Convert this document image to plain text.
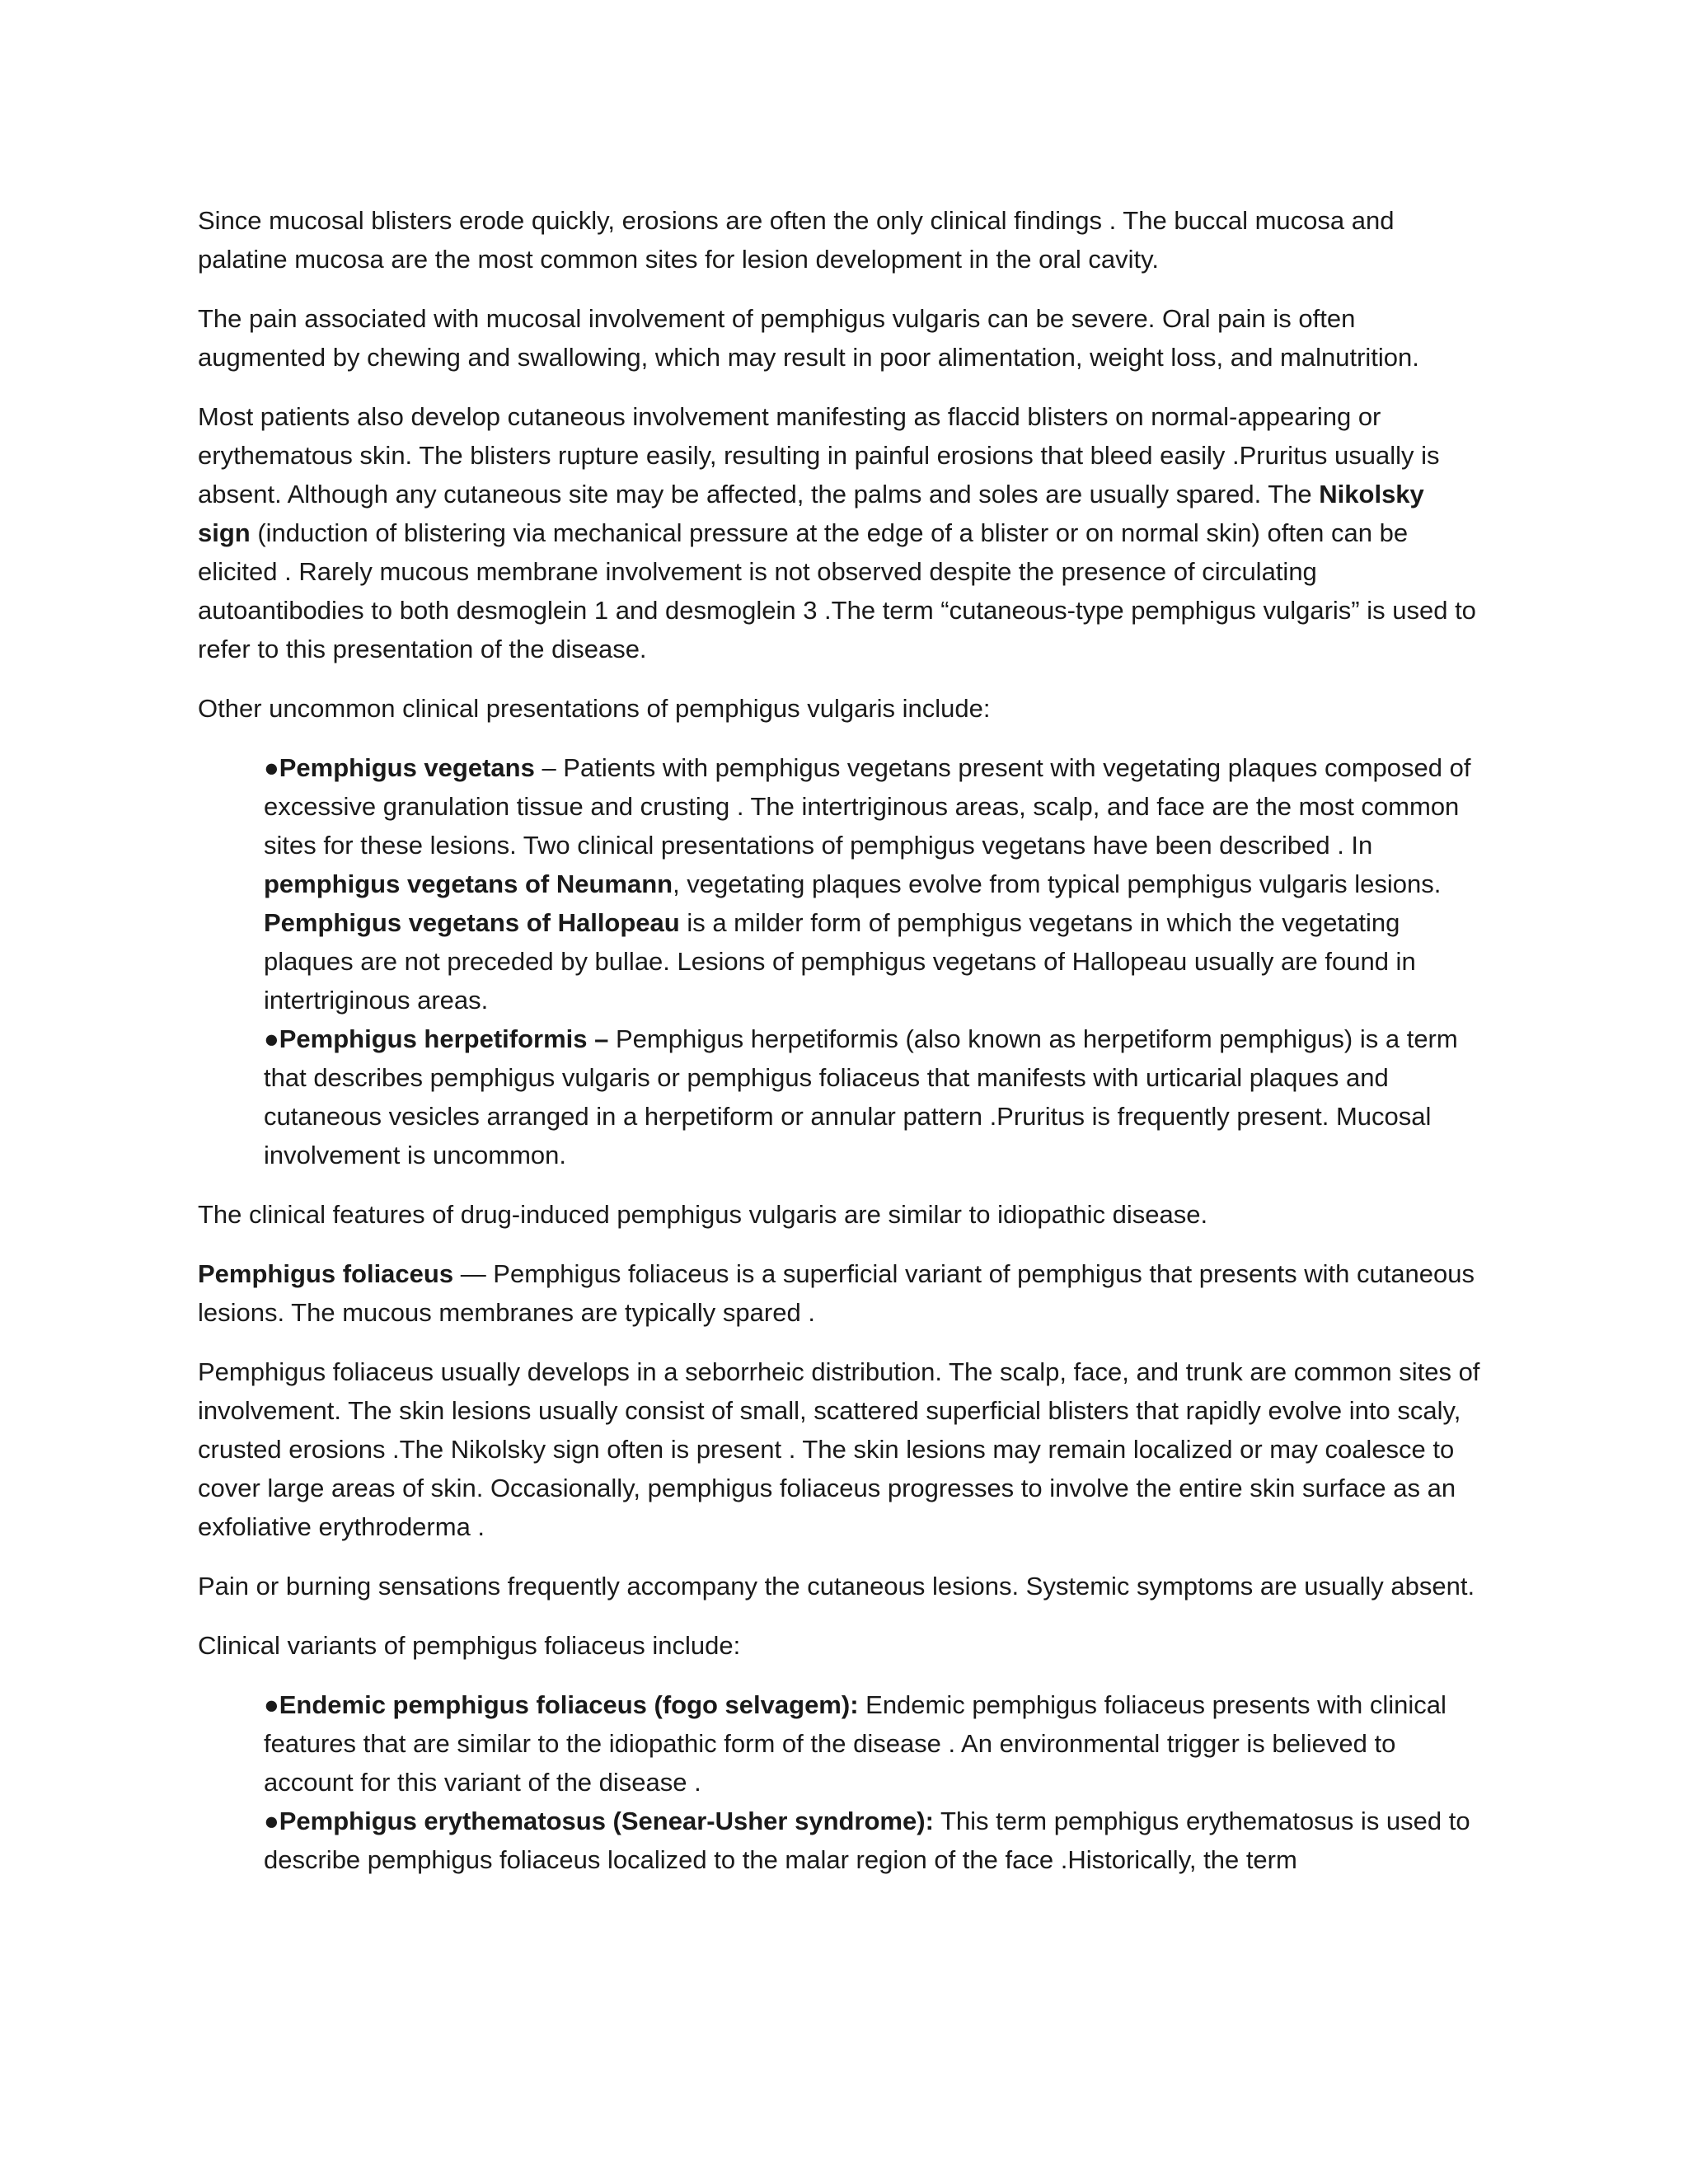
Since mucosal blisters erode quickly, erosions are often the only clinical findings . The buccal mucosa and palatine mucosa are the most common sites for lesion development in the oral cavity.

The pain associated with mucosal involvement of pemphigus vulgaris can be severe. Oral pain is often augmented by chewing and swallowing, which may result in poor alimentation, weight loss, and malnutrition.

Most patients also develop cutaneous involvement manifesting as flaccid blisters on normal-appearing or erythematous skin. The blisters rupture easily, resulting in painful erosions that bleed easily .Pruritus usually is absent. Although any cutaneous site may be affected, the palms and soles are usually spared. The Nikolsky sign (induction of blistering via mechanical pressure at the edge of a blister or on normal skin) often can be elicited . Rarely mucous membrane involvement is not observed despite the presence of circulating autoantibodies to both desmoglein 1 and desmoglein 3 .The term “cutaneous-type pemphigus vulgaris” is used to refer to this presentation of the disease.

Other uncommon clinical presentations of pemphigus vulgaris include:

●Pemphigus vegetans – Patients with pemphigus vegetans present with vegetating plaques composed of excessive granulation tissue and crusting . The intertriginous areas, scalp, and face are the most common sites for these lesions. Two clinical presentations of pemphigus vegetans have been described . In pemphigus vegetans of Neumann, vegetating plaques evolve from typical pemphigus vulgaris lesions. Pemphigus vegetans of Hallopeau is a milder form of pemphigus vegetans in which the vegetating plaques are not preceded by bullae. Lesions of pemphigus vegetans of Hallopeau usually are found in intertriginous areas.
●Pemphigus herpetiformis – Pemphigus herpetiformis (also known as herpetiform pemphigus) is a term that describes pemphigus vulgaris or pemphigus foliaceus that manifests with urticarial plaques and cutaneous vesicles arranged in a herpetiform or annular pattern .Pruritus is frequently present. Mucosal involvement is uncommon.

The clinical features of drug-induced pemphigus vulgaris are similar to idiopathic disease.

Pemphigus foliaceus — Pemphigus foliaceus is a superficial variant of pemphigus that presents with cutaneous lesions. The mucous membranes are typically spared .

Pemphigus foliaceus usually develops in a seborrheic distribution. The scalp, face, and trunk are common sites of involvement. The skin lesions usually consist of small, scattered superficial blisters that rapidly evolve into scaly, crusted erosions .The Nikolsky sign often is present . The skin lesions may remain localized or may coalesce to cover large areas of skin. Occasionally, pemphigus foliaceus progresses to involve the entire skin surface as an exfoliative erythroderma .

Pain or burning sensations frequently accompany the cutaneous lesions. Systemic symptoms are usually absent.

Clinical variants of pemphigus foliaceus include:

●Endemic pemphigus foliaceus (fogo selvagem): Endemic pemphigus foliaceus presents with clinical features that are similar to the idiopathic form of the disease . An environmental trigger is believed to account for this variant of the disease .
●Pemphigus erythematosus (Senear-Usher syndrome): This term pemphigus erythematosus is used to describe pemphigus foliaceus localized to the malar region of the face .Historically, the term
